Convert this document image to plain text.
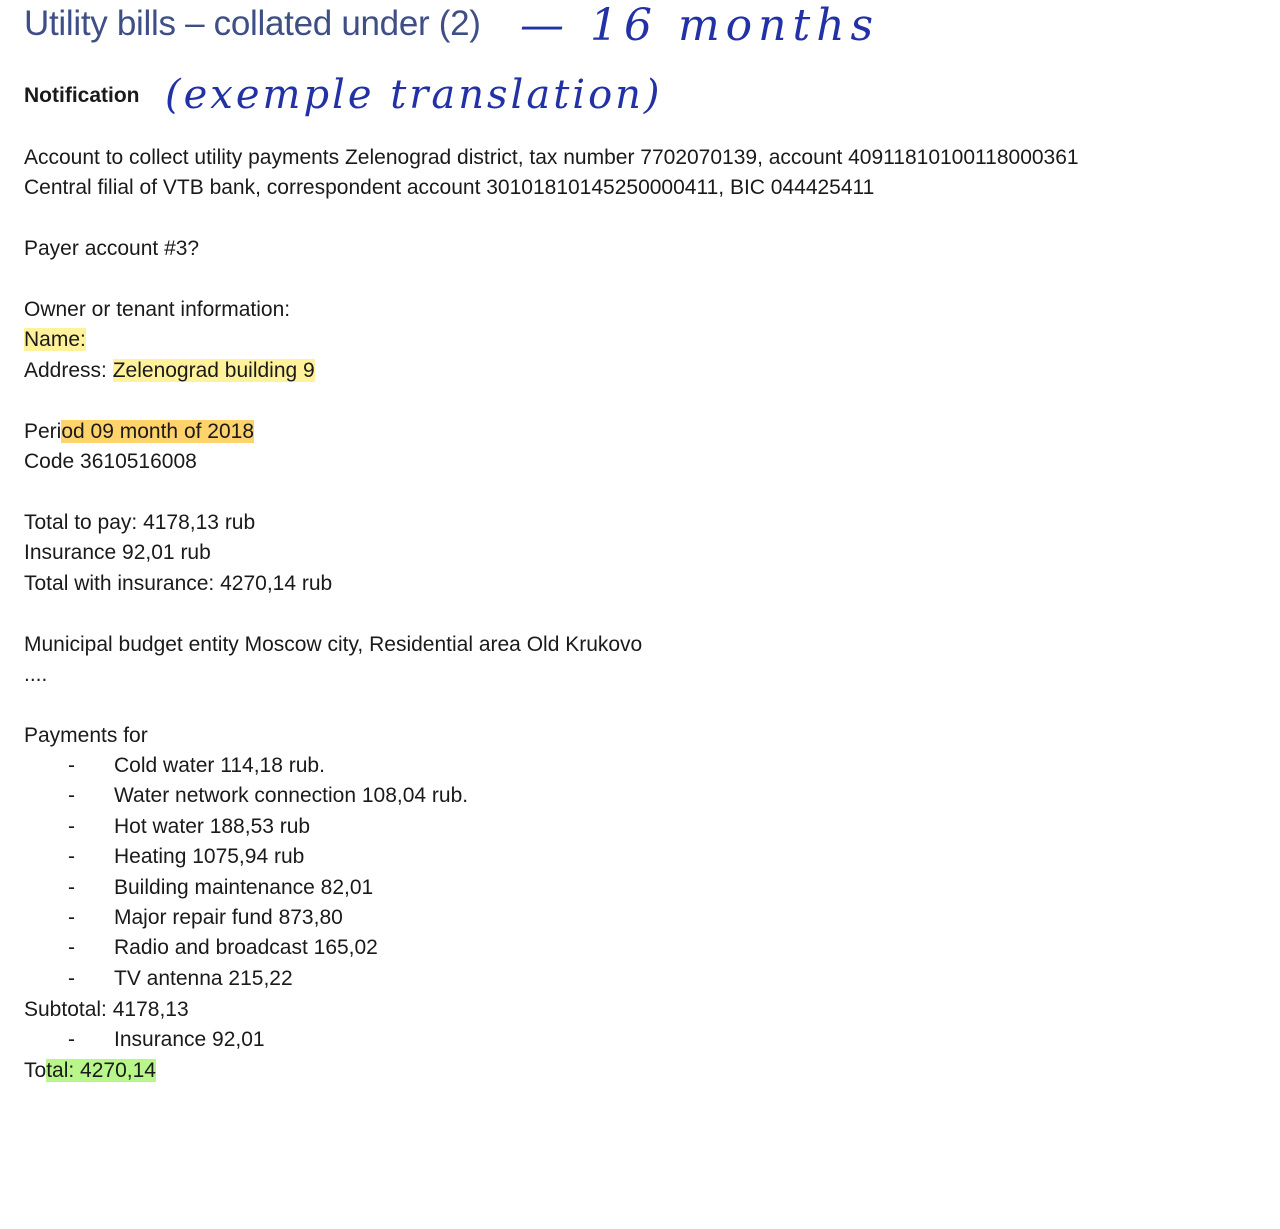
Utility bills – collated under (2) — 16 months
Notification (exemple translation)
Account to collect utility payments Zelenograd district, tax number 7702070139, account 40911810100118000361
Central filial of VTB bank, correspondent account 30101810145250000411, BIC 044425411
Payer account #3?
Owner or tenant information:
Name:
Address: Zelenograd building 9
Period 09 month of 2018
Code 3610516008
Total to pay: 4178,13 rub
Insurance 92,01 rub
Total with insurance: 4270,14 rub
Municipal budget entity Moscow city, Residential area Old Krukovo
....
Payments for
- Cold water 114,18 rub.
- Water network connection 108,04 rub.
- Hot water 188,53 rub
- Heating 1075,94 rub
- Building maintenance 82,01
- Major repair fund 873,80
- Radio and broadcast 165,02
- TV antenna 215,22
Subtotal: 4178,13
- Insurance 92,01
Total: 4270,14
